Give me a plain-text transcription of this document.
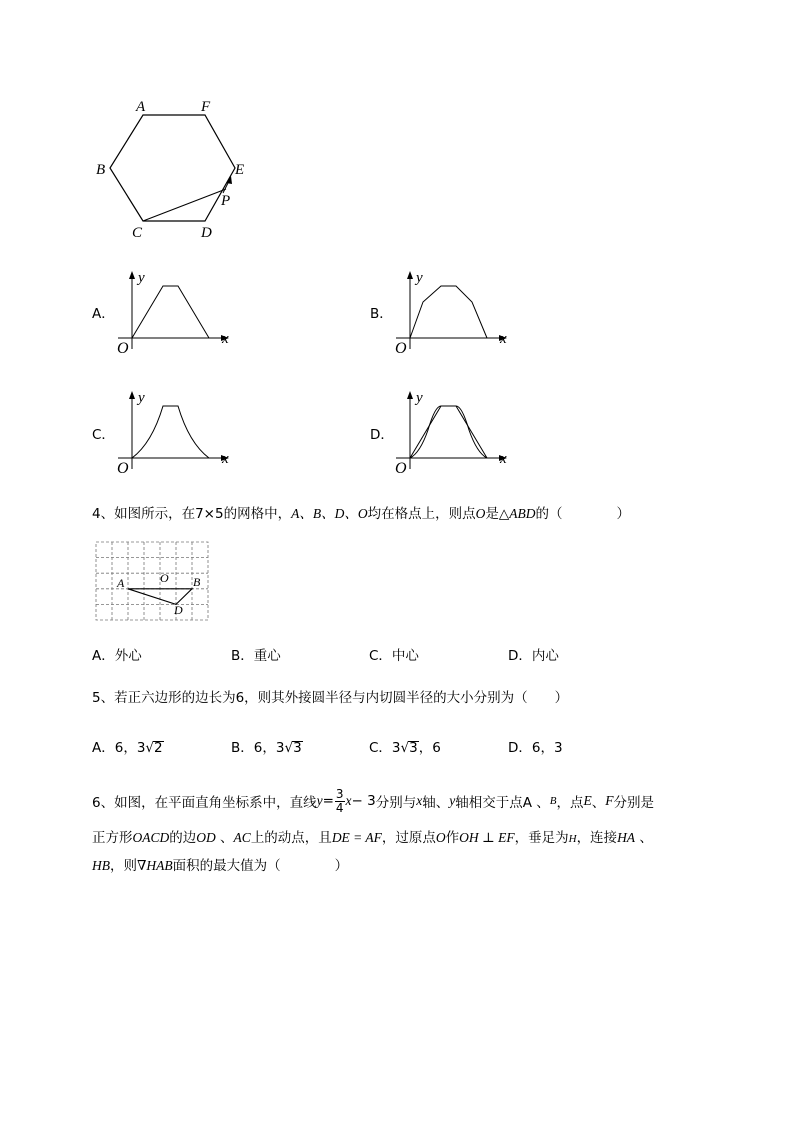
A	F
B	E
C	D
P
A．
y
x
O
B．
y
x
O
C．
y
x
O
D．
y
x
O
4、如图所示，在7×5的网格中，A、B、D、O均在格点上，则点O是△ABD的（　　　　）
A	O B
D
A．外心	B．重心	C．中心	D．内心
5、若正六边形的边长为6，则其外接圆半径与内切圆半径的大小分别为（　　）
A．6，3√2	B．6，3√3	C．3√3，6	D．6，3
6、如图，在平面直角坐标系中，直线 $y = \frac{3}{4}$ x − 3 分别与 x 轴、 y 轴相交于点A 、 B ，点 E 、 F 分别是
正方形OACD的边OD 、AC上的动点，且DE = AF，过原点O作OH ⊥ EF，垂足为H，连接HA 、
HB，则∇HAB面积的最大值为（　　　　）
